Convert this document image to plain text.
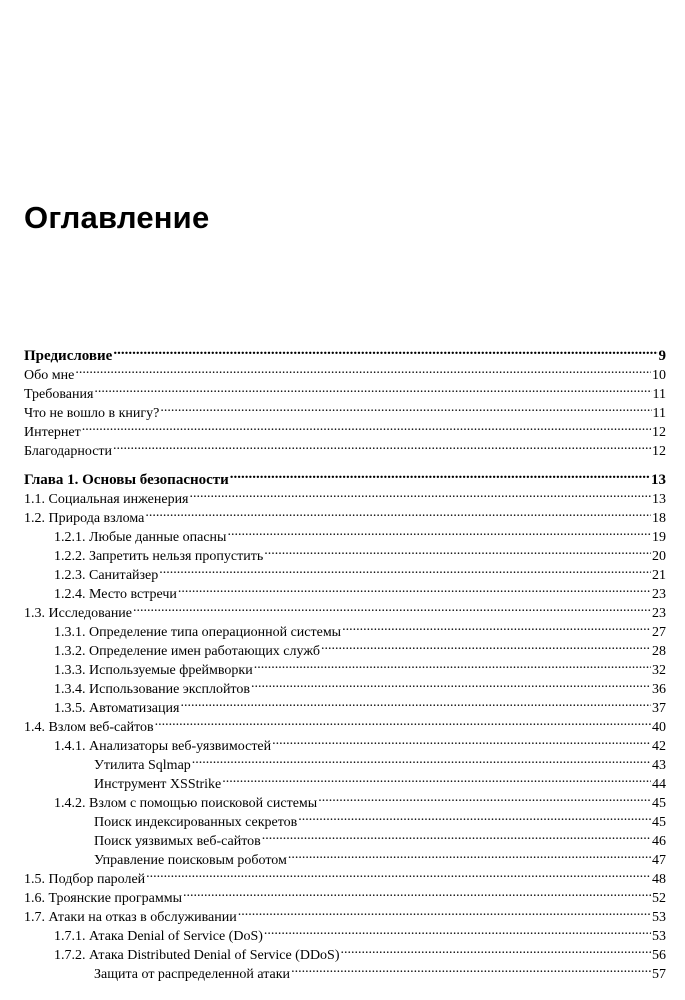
Оглавление
Предисловие .....	9
Обо мне .....	10
Требования .....	11
Что не вошло в книгу? .....	11
Интернет .....	12
Благодарности .....	12
Глава 1. Основы безопасности .....	13
1.1. Социальная инженерия .....	13
1.2. Природа взлома .....	18
1.2.1. Любые данные опасны .....	19
1.2.2. Запретить нельзя пропустить .....	20
1.2.3. Санитайзер .....	21
1.2.4. Место встречи .....	23
1.3. Исследование .....	23
1.3.1. Определение типа операционной системы .....	27
1.3.2. Определение имен работающих служб .....	28
1.3.3. Используемые фреймворки .....	32
1.3.4. Использование эксплойтов .....	36
1.3.5. Автоматизация .....	37
1.4. Взлом веб-сайтов .....	40
1.4.1. Анализаторы веб-уязвимостей .....	42
Утилита Sqlmap .....	43
Инструмент XSStrike .....	44
1.4.2. Взлом с помощью поисковой системы .....	45
Поиск индексированных секретов .....	45
Поиск уязвимых веб-сайтов .....	46
Управление поисковым роботом .....	47
1.5. Подбор паролей .....	48
1.6. Троянские программы .....	52
1.7. Атаки на отказ в обслуживании .....	53
1.7.1. Атака Denial of Service (DoS) .....	53
1.7.2. Атака Distributed Denial of Service (DDoS) .....	56
Защита от распределенной атаки .....	57
